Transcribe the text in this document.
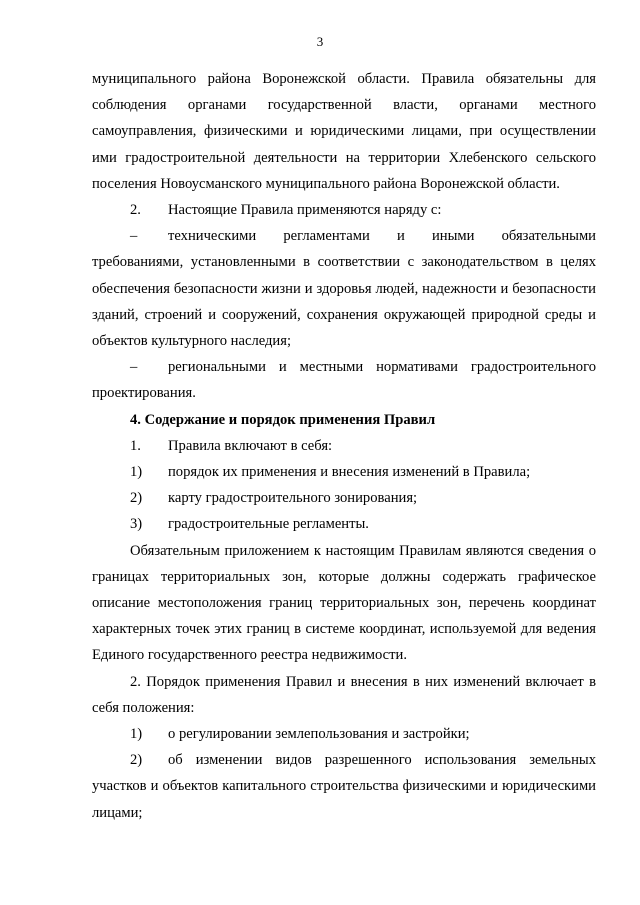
3

муниципального района Воронежской области. Правила обязательны для соблюдения органами государственной власти, органами местного самоуправления, физическими и юридическими лицами, при осуществлении ими градостроительной деятельности на территории Хлебенского сельского поселения Новоусманского муниципального района Воронежской области.

2. Настоящие Правила применяются наряду с:

– техническими регламентами и иными обязательными требованиями, установленными в соответствии с законодательством в целях обеспечения безопасности жизни и здоровья людей, надежности и безопасности зданий, строений и сооружений, сохранения окружающей природной среды и объектов культурного наследия;

– региональными и местными нормативами градостроительного проектирования.

4. Содержание и порядок применения Правил

1. Правила включают в себя:

1) порядок их применения и внесения изменений в Правила;

2) карту градостроительного зонирования;

3) градостроительные регламенты.

Обязательным приложением к настоящим Правилам являются сведения о границах территориальных зон, которые должны содержать графическое описание местоположения границ территориальных зон, перечень координат характерных точек этих границ в системе координат, используемой для ведения Единого государственного реестра недвижимости.

2. Порядок применения Правил и внесения в них изменений включает в себя положения:

1) о регулировании землепользования и застройки;

2) об изменении видов разрешенного использования земельных участков и объектов капитального строительства физическими и юридическими лицами;
